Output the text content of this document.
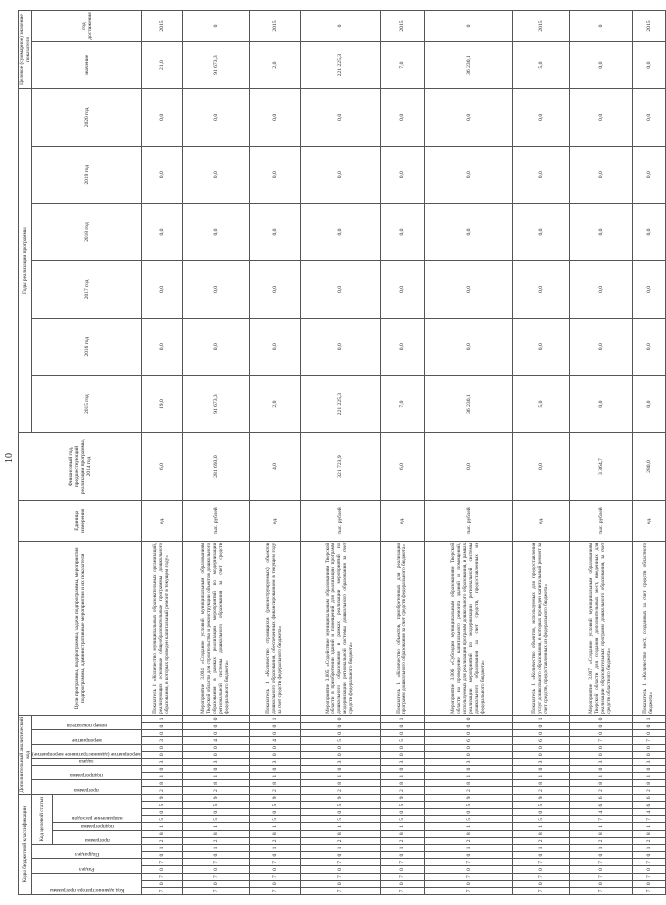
10
Коды бюджетной классификации														Дополнительный аналитический код											Цели программы, подпрограммы, задачи подпрограммы, мероприятия подпрограммы, административные мероприятия и их показатели	Единица измерения	Финансовый год, предшествующий реализации программы, 2014 год	Годы реализации программы						Целевое (суммарное) значение показателя	

Код администратора программы			Раздел		Подраздел		Код целевой статьи							программа		подпрограмма		задача	мероприятие (административное мероприятие)		мероприятие		номер показателя					2015 год	2016 год	2017 год	2018 год	2019 год	2020 год	значение	год достижения

							программа		подпрограмма	направление расходов																									

7	0	7	0	7	0	1	2	8	1	5	0	5	9	2	8	1	0	3	0	0	3	0	0	1	Показатель 1 «Количество муниципальных образовательных организаций, реализующих основные общеобразовательные программы дошкольного образования, в которых проведен капитальный ремонт в текущем году»	ед.	6,0	19,0	0,0	0,0	0,0	0,0	0,0	21,0	2015
7	0	7	0	7	0	1	2	8	1	5	0	5	9	2	8	1	0	3	0	0	4	0	0	0	Мероприятие 3.004 «Создание условий муниципальным образованиям Тверской области для строительства и реконструкции объектов дошкольного образования в рамках реализации мероприятий по модернизации региональной системы дошкольного образования за счет средств федерального бюджета»	тыс. рублей	281 693,0	91 673,3	0,0	0,0	0,0	0,0	0,0	91 673,3	0
7	0	7	0	7	0	1	2	8	1	5	0	5	9	2	8	1	0	3	0	0	4	0	0	1	Показатель 1 «Количество строящихся (реконструируемых) объектов дошкольного образования, обеспеченных финансированием в текущем году за счет средств федерального бюджета»	ед.	4,0	2,0	0,0	0,0	0,0	0,0	0,0	2,0	2015
7	0	7	0	7	0	1	2	8	1	5	0	5	9	2	8	1	0	3	0	0	5	0	0	0	Мероприятие 3.005 «Содействие муниципальным образованиям Тверской области в приобретении зданий и помещений для реализации программ дошкольного образования в рамках реализации мероприятий по модернизации региональной системы дошкольного образования за счет средств федерального бюджета»	тыс. рублей	321 723,9	221 225,3	0,0	0,0	0,0	0,0	0,0	221 225,3	0
7	0	7	0	7	0	1	2	8	1	5	0	5	9	2	8	1	0	3	0	0	5	0	0	1	Показатель 1 «Количество объектов, приобретенных для реализации программ дошкольного образования за счет средств федерального бюджета»	ед.	6,0	7,0	0,0	0,0	0,0	0,0	0,0	7,0	2015
7	0	7	0	7	0	1	2	8	1	5	0	5	9	2	8	1	0	3	0	0	6	0	0	0	Мероприятие 3.006 «Субсидии муниципальным образованиям Тверской области на проведение капитального ремонта зданий и помещений, используемых для реализации программ дошкольного образования, в рамках реализации мероприятий по модернизации региональной системы дошкольного образования за счет средств, предоставленных из федерального бюджета»	тыс. рублей	0,0	36 230,1	0,0	0,0	0,0	0,0	0,0	36 230,1	0
7	0	7	0	7	0	1	2	8	1	5	0	5	9	2	8	1	0	3	0	0	6	0	0	1	Показатель 1 «Количество объектов, используемых для предоставления услуг дошкольного образования, в которых проведен капитальный ремонт за счет средств, предоставленных из федерального бюджета»	ед.	0,0	5,0	0,0	0,0	0,0	0,0	0,0	5,0	2015
7	0	7	0	7	0	1	2	8	1	7	4	6	6	2	8	1	0	3	0	0	7	0	0	0	Мероприятие 3.007 «Создание условий муниципальным образованиям Тверской области для создания дополнительных мест, введенных для реализации образовательных программ дошкольного образования, за счет средств областного бюджета»	тыс. рублей	3 364,7	0,0	0,0	0,0	0,0	0,0	0,0	0,0	0
7	0	7	0	7	0	1	2	8	1	7	4	6	6	2	8	1	0	3	0	0	7	0	0	1	Показатель 1 «Количество мест, созданных за счет средств областного бюджета»	ед.	280,0	0,0	0,0	0,0	0,0	0,0	0,0	0,0	2015
